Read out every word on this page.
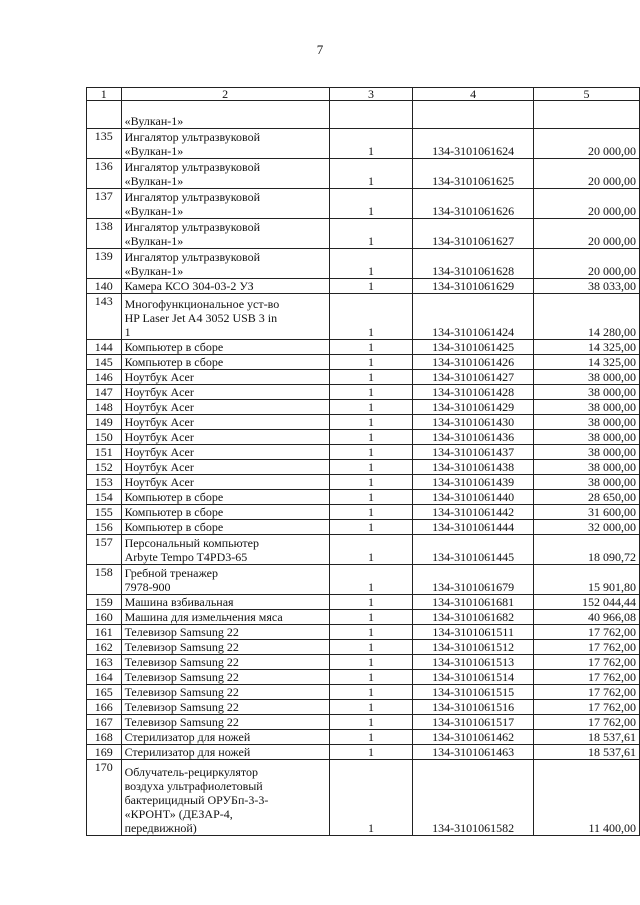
7
1	2	3	4	5

	«Вулкан-1»			

135	Ингалятор ультразвуковой
«Вулкан-1»	1	134-3101061624	20 000,00
136	Ингалятор ультразвуковой
«Вулкан-1»	1	134-3101061625	20 000,00
137	Ингалятор ультразвуковой
«Вулкан-1»	1	134-3101061626	20 000,00
138	Ингалятор ультразвуковой
«Вулкан-1»	1	134-3101061627	20 000,00
139	Ингалятор ультразвуковой
«Вулкан-1»	1	134-3101061628	20 000,00
140	Камера КСО 304-03-2 УЗ	1	134-3101061629	38 033,00
143	Многофункциональное уст-во
HP Laser Jet A4 3052 USB 3 in
1	1	134-3101061424	14 280,00
144	Компьютер в сборе	1	134-3101061425	14 325,00
145	Компьютер в сборе	1	134-3101061426	14 325,00
146	Ноутбук Acer	1	134-3101061427	38 000,00
147	Ноутбук Acer	1	134-3101061428	38 000,00
148	Ноутбук Acer	1	134-3101061429	38 000,00
149	Ноутбук Acer	1	134-3101061430	38 000,00
150	Ноутбук Acer	1	134-3101061436	38 000,00
151	Ноутбук Acer	1	134-3101061437	38 000,00
152	Ноутбук Acer	1	134-3101061438	38 000,00
153	Ноутбук Acer	1	134-3101061439	38 000,00
154	Компьютер в сборе	1	134-3101061440	28 650,00
155	Компьютер в сборе	1	134-3101061442	31 600,00
156	Компьютер в сборе	1	134-3101061444	32 000,00
157	Персональный компьютер
Arbyte Tempo T4PD3-65	1	134-3101061445	18 090,72
158	Гребной тренажер
7978-900	1	134-3101061679	15 901,80
159	Машина взбивальная	1	134-3101061681	152 044,44
160	Машина для измельчения мяса	1	134-3101061682	40 966,08
161	Телевизор Samsung 22	1	134-3101061511	17 762,00
162	Телевизор Samsung 22	1	134-3101061512	17 762,00
163	Телевизор Samsung 22	1	134-3101061513	17 762,00
164	Телевизор Samsung 22	1	134-3101061514	17 762,00
165	Телевизор Samsung 22	1	134-3101061515	17 762,00
166	Телевизор Samsung 22	1	134-3101061516	17 762,00
167	Телевизор Samsung 22	1	134-3101061517	17 762,00
168	Стерилизатор для ножей	1	134-3101061462	18 537,61
169	Стерилизатор для ножей	1	134-3101061463	18 537,61
170	Облучатель-рециркулятор
воздуха ультрафиолетовый
бактерицидный ОРУБп-3-3-
«КРОНТ» (ДЕЗАР-4,
передвижной)	1	134-3101061582	11 400,00
